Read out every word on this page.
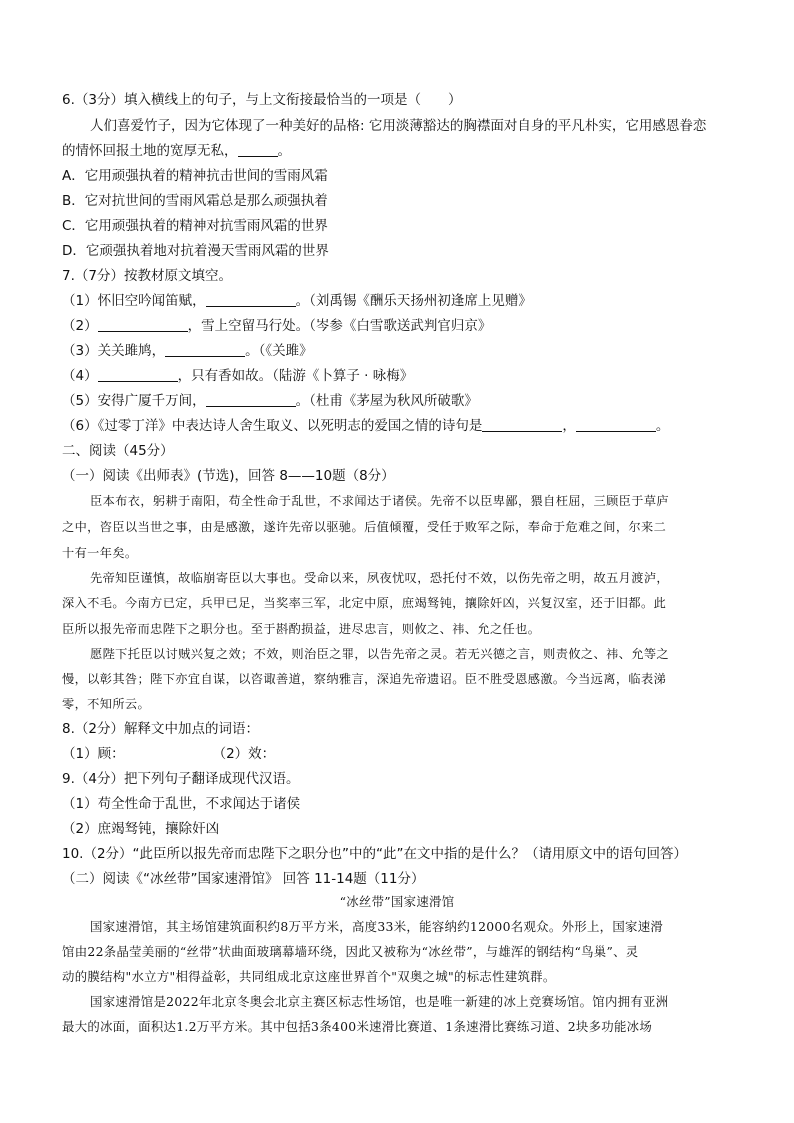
6.（3分）填入横线上的句子，与上文衔接最恰当的一项是（　　）
人们喜爱竹子，因为它体现了一种美好的品格: 它用淡薄豁达的胸襟面对自身的平凡朴实，它用感恩眷恋
的情怀回报土地的宽厚无私，	。
A．它用顽强执着的精神抗击世间的雪雨风霜
B．它对抗世间的雪雨风霜总是那么顽强执着
C．它用顽强执着的精神对抗雪雨风霜的世界
D．它顽强执着地对抗着漫天雪雨风霜的世界
7.（7分）按教材原文填空。
（1）怀旧空吟闻笛赋，	。（刘禹锡《酬乐天扬州初逢席上见赠》
（2）	，雪上空留马行处。（岑参《白雪歌送武判官归京》
（3）关关雎鸠，	。（《关雎》
（4）	，只有香如故。（陆游《卜算子 · 咏梅》
（5）安得广厦千万间，	。（杜甫《茅屋为秋风所破歌》
（6）《过零丁洋》中表达诗人舍生取义、以死明志的爱国之情的诗句是	，	。
二、阅读（45分）
（一）阅读《出师表》(节选)，回答 8——10题（8分）
臣本布衣，躬耕于南阳，苟全性命于乱世，不求闻达于诸侯。先帝不以臣卑鄙，猥自枉屈，三顾臣于草庐
之中，咨臣以当世之事，由是感激，遂许先帝以驱驰。后值倾覆，受任于败军之际，奉命于危难之间，尔来二
十有一年矣。
先帝知臣谨慎，故临崩寄臣以大事也。受命以来，夙夜忧叹，恐托付不效，以伤先帝之明，故五月渡泸，
深入不毛。今南方已定，兵甲已足，当奖率三军，北定中原，庶竭驽钝，攘除奸凶，兴复汉室，还于旧都。此
臣所以报先帝而忠陛下之职分也。至于斟酌损益，进尽忠言，则攸之、祎、允之任也。
愿陛下托臣以讨贼兴复之效；不效，则治臣之罪，以告先帝之灵。若无兴德之言，则责攸之、祎、允等之
慢，以彰其咎；陛下亦宜自谋，以咨诹善道，察纳雅言，深追先帝遗诏。臣不胜受恩感激。今当远离，临表涕
零，不知所云。
8.（2分）解释文中加点的词语：
（1）顾：	（2）效：
9.（4分）把下列句子翻译成现代汉语。
（1）苟全性命于乱世，不求闻达于诸侯
（2）庶竭驽钝，攘除奸凶
10.（2分）“此臣所以报先帝而忠陛下之职分也”中的“此”在文中指的是什么？（请用原文中的语句回答）
（二）阅读《“冰丝带”国家速滑馆》 回答 11-14题（11分）
“冰丝带”国家速滑馆
国家速滑馆，其主场馆建筑面积约8万平方米，高度33米，能容纳约12000名观众。外形上，国家速滑
馆由22条晶莹美丽的“丝带”状曲面玻璃幕墙环绕，因此又被称为“冰丝带”，与雄浑的钢结构“鸟巢”、灵
动的膜结构"水立方"相得益彰，共同组成北京这座世界首个"双奥之城"的标志性建筑群。
国家速滑馆是2022年北京冬奥会北京主赛区标志性场馆，也是唯一新建的冰上竞赛场馆。馆内拥有亚洲
最大的冰面，面积达1.2万平方米。其中包括3条400米速滑比赛道、1条速滑比赛练习道、2块多功能冰场
